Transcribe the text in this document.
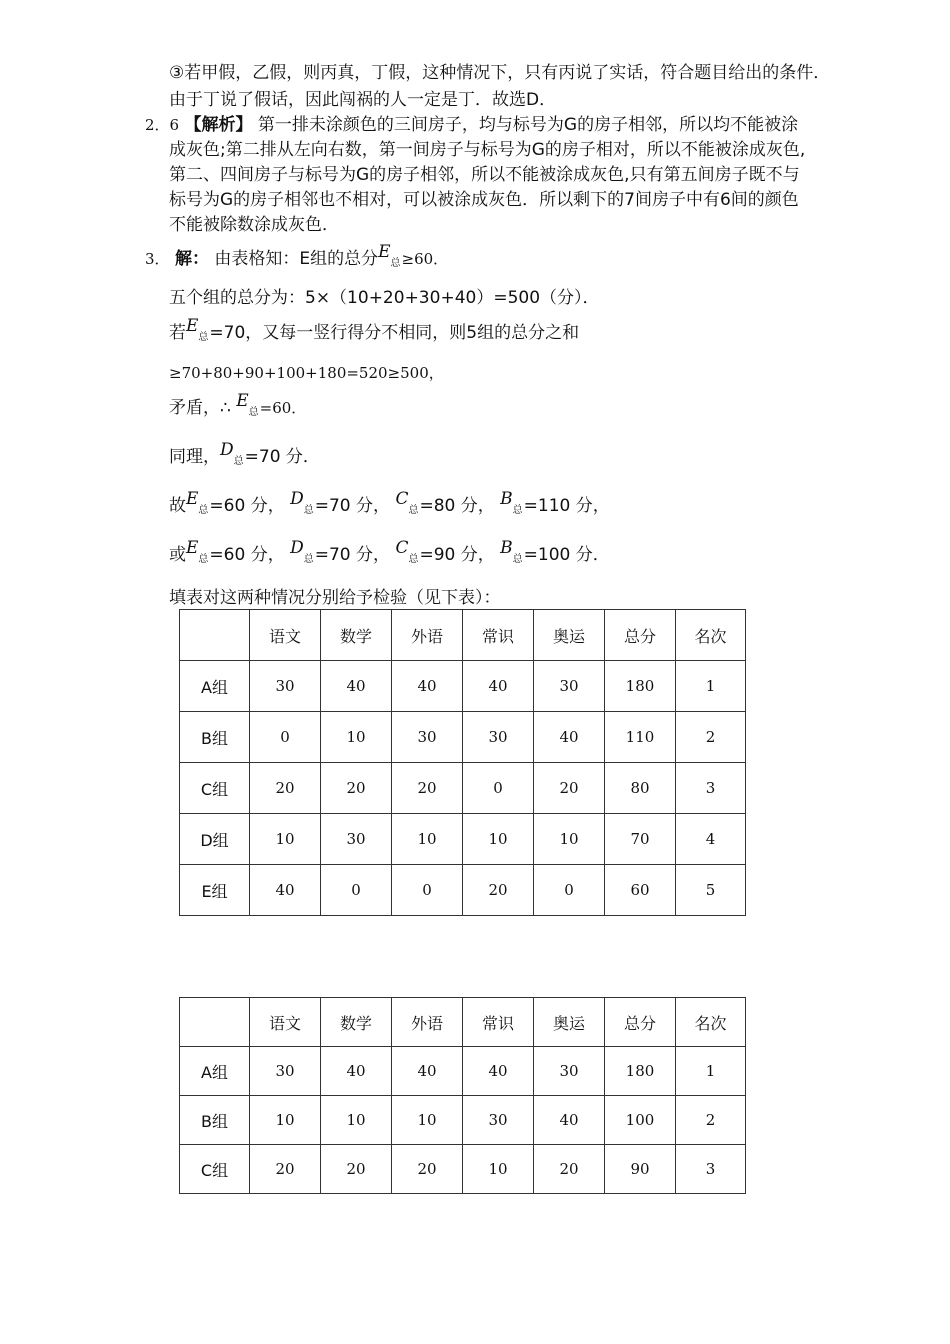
③若甲假，乙假，则丙真，丁假，这种情况下，只有丙说了实话，符合题目给出的条件．
由于丁说了假话，因此闯祸的人一定是丁．故选D．
2．6 【解析】 第一排未涂颜色的三间房子，均与标号为G的房子相邻，所以均不能被涂
成灰色;第二排从左向右数，第一间房子与标号为G的房子相对，所以不能被涂成灰色,
第二、四间房子与标号为G的房子相邻，所以不能被涂成灰色,只有第五间房子既不与
标号为G的房子相邻也不相对，可以被涂成灰色．所以剩下的7间房子中有6间的颜色
不能被除数涂成灰色．
3． 解： 由表格知：E组的总分E总≥60．
五个组的总分为：5×（10+20+30+40）=500（分）．
若E总=70，又每一竖行得分不相同，则5组的总分之和
≥70+80+90+100+180=520≥500，
矛盾，∴ E总=60．
同理，D总=70 分．
故E总=60 分， D总=70 分， C总=80 分， B总=110 分，
或E总=60 分， D总=70 分， C总=90 分， B总=100 分．
填表对这两种情况分别给予检验（见下表）：
	语文	数学	外语	常识	奥运	总分	名次
A组	30	40	40	40	30	180	1
B组	0	10	30	30	40	110	2
C组	20	20	20	0	20	80	3
D组	10	30	10	10	10	70	4
E组	40	0	0	20	0	60	5
	语文	数学	外语	常识	奥运	总分	名次
A组	30	40	40	40	30	180	1
B组	10	10	10	30	40	100	2
C组	20	20	20	10	20	90	3
